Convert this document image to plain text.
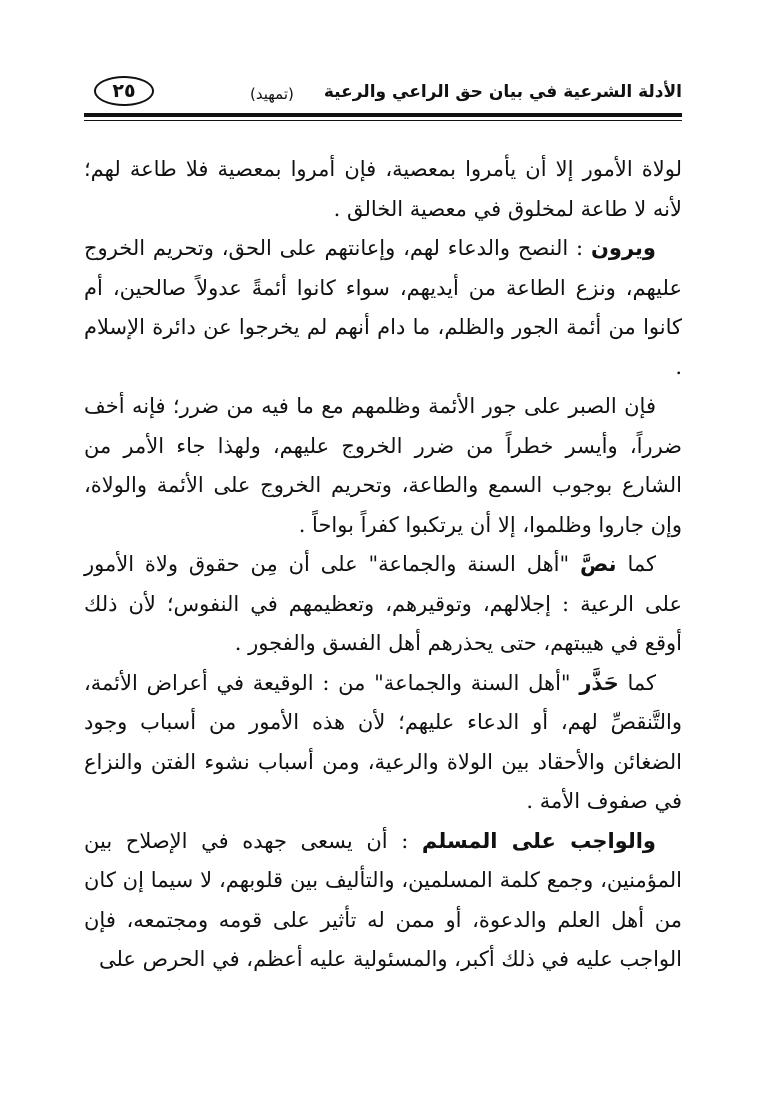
الأدلة الشرعية في بيان حق الراعي والرعية
(تمهيد)
٢٥

لولاة الأمور إلا أن يأمروا بمعصية، فإن أمروا بمعصية فلا طاعة لهم؛ لأنه لا طاعة لمخلوق في معصية الخالق .

ويرون : النصح والدعاء لهم، وإعانتهم على الحق، وتحريم الخروج عليهم، ونزع الطاعة من أيديهم، سواء كانوا أئمةً عدولاً صالحين، أم كانوا من أئمة الجور والظلم، ما دام أنهم لم يخرجوا عن دائرة الإسلام .

فإن الصبر على جور الأئمة وظلمهم مع ما فيه من ضرر؛ فإنه أخف ضرراً، وأيسر خطراً من ضرر الخروج عليهم، ولهذا جاء الأمر من الشارع بوجوب السمع والطاعة، وتحريم الخروج على الأئمة والولاة، وإن جاروا وظلموا، إلا أن يرتكبوا كفراً بواحاً .

كما نصَّ "أهل السنة والجماعة" على أن مِن حقوق ولاة الأمور على الرعية : إجلالهم، وتوقيرهم، وتعظيمهم في النفوس؛ لأن ذلك أوقع في هيبتهم، حتى يحذرهم أهل الفسق والفجور .

كما حَذَّر "أهل السنة والجماعة" من : الوقيعة في أعراض الأئمة، والتَّنقصِّ لهم، أو الدعاء عليهم؛ لأن هذه الأمور من أسباب وجود الضغائن والأحقاد بين الولاة والرعية، ومن أسباب نشوء الفتن والنزاع في صفوف الأمة .

والواجب على المسلم : أن يسعى جهده في الإصلاح بين المؤمنين، وجمع كلمة المسلمين، والتأليف بين قلوبهم، لا سيما إن كان من أهل العلم والدعوة، أو ممن له تأثير على قومه ومجتمعه، فإن الواجب عليه في ذلك أكبر، والمسئولية عليه أعظم، في الحرص على
